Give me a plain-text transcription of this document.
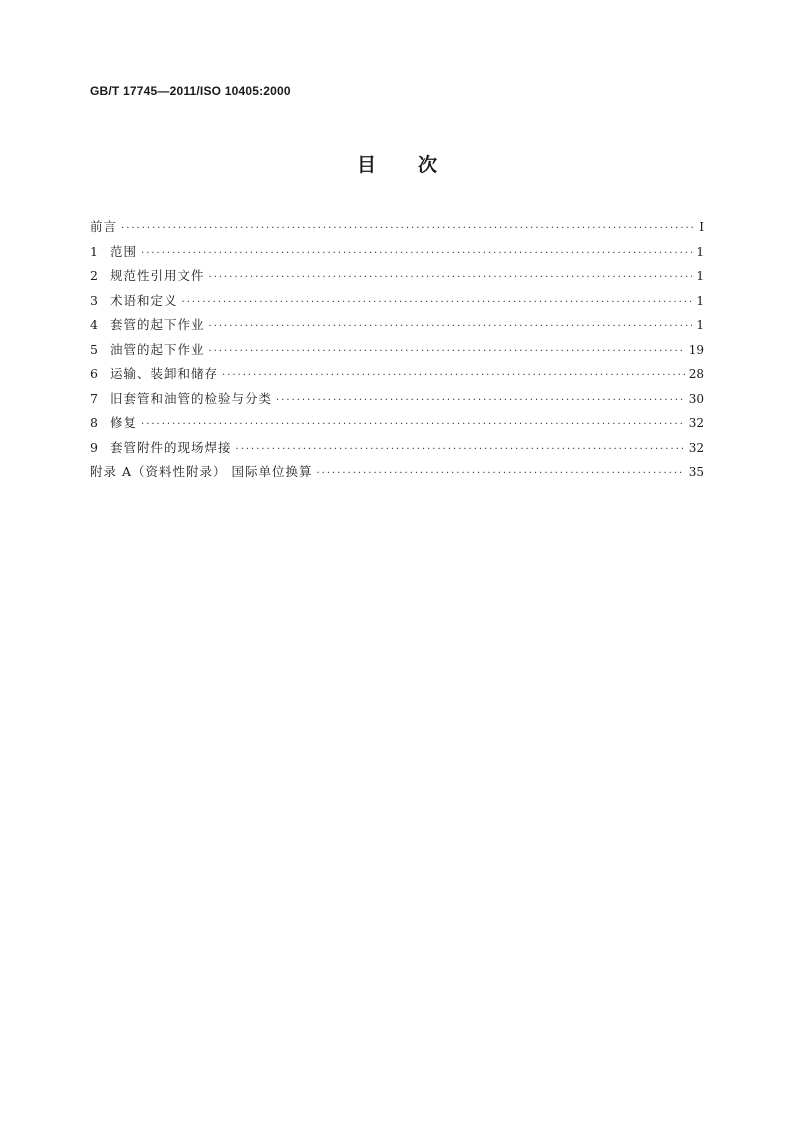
GB/T 17745—2011/ISO 10405:2000
目次
前言 ·····	Ⅰ
1 范围 ·····	1
2 规范性引用文件 ·····	1
3 术语和定义 ·····	1
4 套管的起下作业 ·····	1
5 油管的起下作业 ·····	19
6 运输、装卸和储存 ·····	28
7 旧套管和油管的检验与分类 ·····	30
8 修复 ·····	32
9 套管附件的现场焊接 ·····	32
附录 A（资料性附录） 国际单位换算 ·····	35
